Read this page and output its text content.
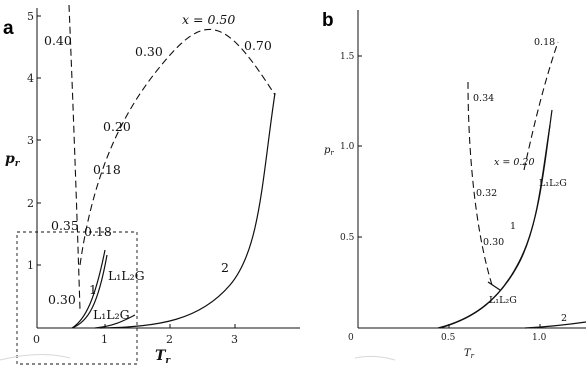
a
1
2
3
4
5
0	1	2	3
$p_r$
$T_r$
0.40
x = 0.50
0.30	0.70
0.20
0.18
0.35 0.18
0.30
1
L₁L₂G
L₁L₂G
2
b
0.5
1.0
1.5
0	0.5	1.0
$p_r$
$T_r$
0.18
0.34
x = 0.20
L₁L₂G
0.32
1
0.30
L₁L₂G
2
